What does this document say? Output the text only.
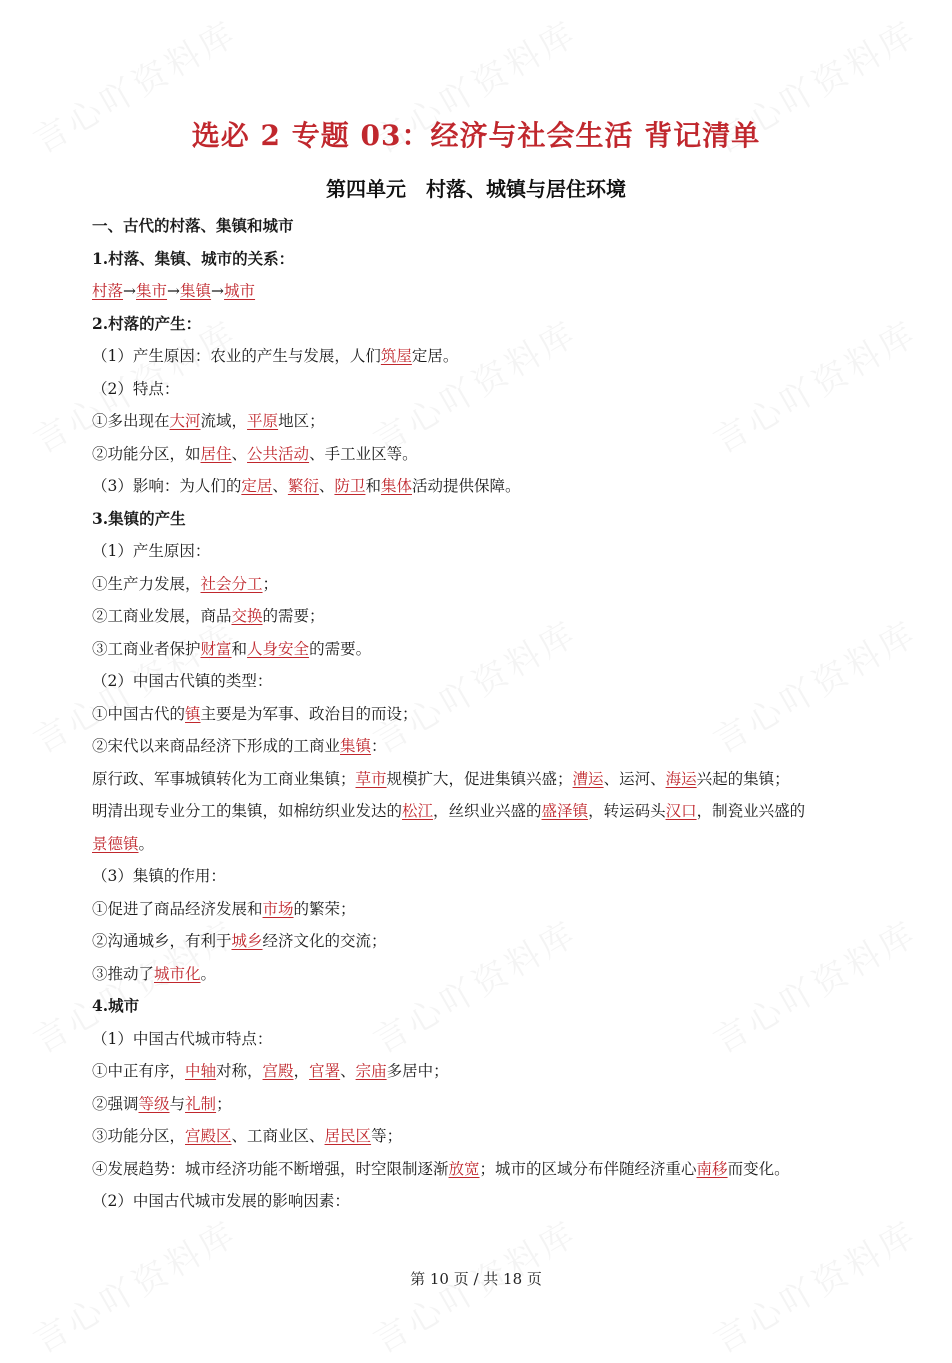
选必 2 专题 03：经济与社会生活 背记清单
第四单元　村落、城镇与居住环境
一、古代的村落、集镇和城市
1.村落、集镇、城市的关系：
村落→集市→集镇→城市
2.村落的产生：
（1）产生原因：农业的产生与发展，人们筑屋定居。
（2）特点：
①多出现在大河流域，平原地区；
②功能分区，如居住、公共活动、手工业区等。
（3）影响：为人们的定居、繁衍、防卫和集体活动提供保障。
3.集镇的产生
（1）产生原因：
①生产力发展，社会分工；
②工商业发展，商品交换的需要；
③工商业者保护财富和人身安全的需要。
（2）中国古代镇的类型：
①中国古代的镇主要是为军事、政治目的而设；
②宋代以来商品经济下形成的工商业集镇：
原行政、军事城镇转化为工商业集镇；草市规模扩大，促进集镇兴盛；漕运、运河、海运兴起的集镇；
明清出现专业分工的集镇，如棉纺织业发达的松江，丝织业兴盛的盛泽镇，转运码头汉口，制瓷业兴盛的
景德镇。
（3）集镇的作用：
①促进了商品经济发展和市场的繁荣；
②沟通城乡，有利于城乡经济文化的交流；
③推动了城市化。
4.城市
（1）中国古代城市特点：
①中正有序，中轴对称，宫殿，官署、宗庙多居中；
②强调等级与礼制；
③功能分区，宫殿区、工商业区、居民区等；
④发展趋势：城市经济功能不断增强，时空限制逐渐放宽；城市的区域分布伴随经济重心南移而变化。
（2）中国古代城市发展的影响因素：
第 10 页 / 共 18 页
